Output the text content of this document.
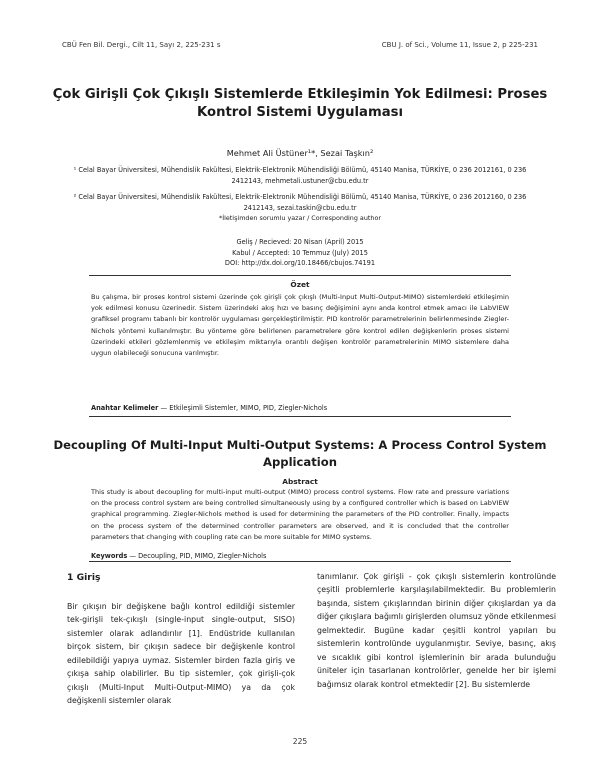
CBÜ Fen Bil. Dergi., Cilt 11, Sayı 2, 225-231 s	CBU J. of Sci., Volume 11, Issue 2, p 225-231
Çok Girişli Çok Çıkışlı Sistemlerde Etkileşimin Yok Edilmesi: Proses Kontrol Sistemi Uygulaması
Mehmet Ali Üstüner¹*, Sezai Taşkın²
¹ Celal Bayar Üniversitesi, Mühendislik Fakültesi, Elektrik-Elektronik Mühendisliği Bölümü, 45140 Manisa, TÜRKİYE, 0 236 2012161, 0 236 2412143, mehmetali.ustuner@cbu.edu.tr
² Celal Bayar Üniversitesi, Mühendislik Fakültesi, Elektrik-Elektronik Mühendisliği Bölümü, 45140 Manisa, TÜRKİYE, 0 236 2012160, 0 236 2412143, sezai.taskin@cbu.edu.tr
*İletişimden sorumlu yazar / Corresponding author
Geliş / Recieved: 20 Nisan (April) 2015
Kabul / Accepted: 10 Temmuz (July) 2015
DOI: http://dx.doi.org/10.18466/cbujos.74191
Özet
Bu çalışma, bir proses kontrol sistemi üzerinde çok girişli çok çıkışlı (Multi-Input Multi-Output-MIMO) sistemlerdeki etkileşimin yok edilmesi konusu üzerinedir. Sistem üzerindeki akış hızı ve basınç değişimini aynı anda kontrol etmek amacı ile LabVIEW grafiksel programı tabanlı bir kontrolör uygulaması gerçekleştirilmiştir. PID kontrolör parametrelerinin belirlenmesinde Ziegler-Nichols yöntemi kullanılmıştır. Bu yönteme göre belirlenen parametrelere göre kontrol edilen değişkenlerin proses sistemi üzerindeki etkileri gözlemlenmiş ve etkileşim miktarıyla orantılı değişen kontrolör parametrelerinin MIMO sistemlere daha uygun olabileceği sonucuna varılmıştır.
Anahtar Kelimeler — Etkileşimli Sistemler, MIMO, PID, Ziegler-Nichols
Decoupling Of Multi-Input Multi-Output Systems: A Process Control System Application
Abstract
This study is about decoupling for multi-input multi-output (MIMO) process control systems. Flow rate and pressure variations on the process control system are being controlled simultaneously using by a configured controller which is based on LabVIEW graphical programming. Ziegler-Nichols method is used for determining the parameters of the PID controller. Finally, impacts on the process system of the determined controller parameters are observed, and it is concluded that the controller parameters that changing with coupling rate can be more suitable for MIMO systems.
Keywords — Decoupling, PID, MIMO, Ziegler-Nichols
1 Giriş
Bir çıkışın bir değişkene bağlı kontrol edildiği sistemler tek-girişli tek-çıkışlı (single-input single-output, SISO) sistemler olarak adlandırılır [1]. Endüstride kullanılan birçok sistem, bir çıkışın sadece bir değişkenle kontrol edilebildiği yapıya uymaz. Sistemler birden fazla giriş ve çıkışa sahip olabilirler. Bu tip sistemler, çok girişli-çok çıkışlı (Multi-Input Multi-Output-MIMO) ya da çok değişkenli sistemler olarak
tanımlanır. Çok girişli - çok çıkışlı sistemlerin kontrolünde çeşitli problemlerle karşılaşılabilmektedir. Bu problemlerin başında, sistem çıkışlarından birinin diğer çıkışlardan ya da diğer çıkışlara bağımlı girişlerden olumsuz yönde etkilenmesi gelmektedir. Bugüne kadar çeşitli kontrol yapıları bu sistemlerin kontrolünde uygulanmıştır. Seviye, basınç, akış ve sıcaklık gibi kontrol işlemlerinin bir arada bulunduğu üniteler için tasarlanan kontrolörler, genelde her bir işlemi bağımsız olarak kontrol etmektedir [2]. Bu sistemlerde
225
